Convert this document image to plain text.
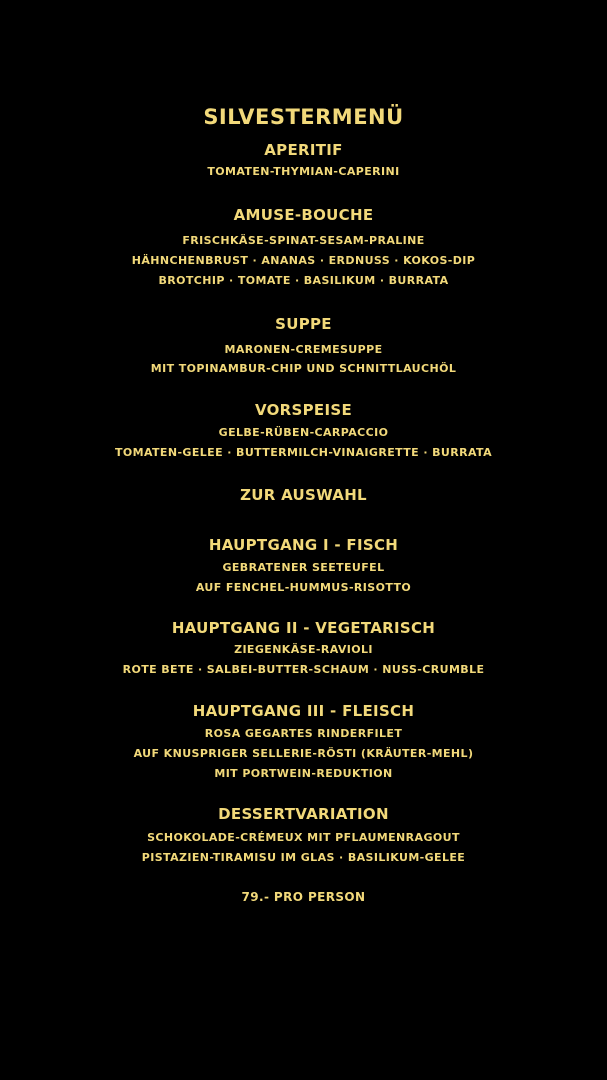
SILVESTERMENÜ
APERITIF
TOMATEN-THYMIAN-CAPERINI
AMUSE-BOUCHE
FRISCHKÄSE-SPINAT-SESAM-PRALINE
HÄHNCHENBRUST · ANANAS · ERDNUSS · KOKOS-DIP
BROTCHIP · TOMATE · BASILIKUM · BURRATA
SUPPE
MARONEN-CREMESUPPE
MIT TOPINAMBUR-CHIP UND SCHNITTLAUCHÖL
VORSPEISE
GELBE-RÜBEN-CARPACCIO
TOMATEN-GELEE · BUTTERMILCH-VINAIGRETTE · BURRATA
ZUR AUSWAHL
HAUPTGANG I - FISCH
GEBRATENER SEETEUFEL
AUF FENCHEL-HUMMUS-RISOTTO
HAUPTGANG II - VEGETARISCH
ZIEGENKÄSE-RAVIOLI
ROTE BETE · SALBEI-BUTTER-SCHAUM · NUSS-CRUMBLE
HAUPTGANG III - FLEISCH
ROSA GEGARTES RINDERFILET
AUF KNUSPRIGER SELLERIE-RÖSTI (KRÄUTER-MEHL)
MIT PORTWEIN-REDUKTION
DESSERTVARIATION
SCHOKOLADE-CRÉMEUX MIT PFLAUMENRAGOUT
PISTAZIEN-TIRAMISU IM GLAS · BASILIKUM-GELEE
79.- PRO PERSON
